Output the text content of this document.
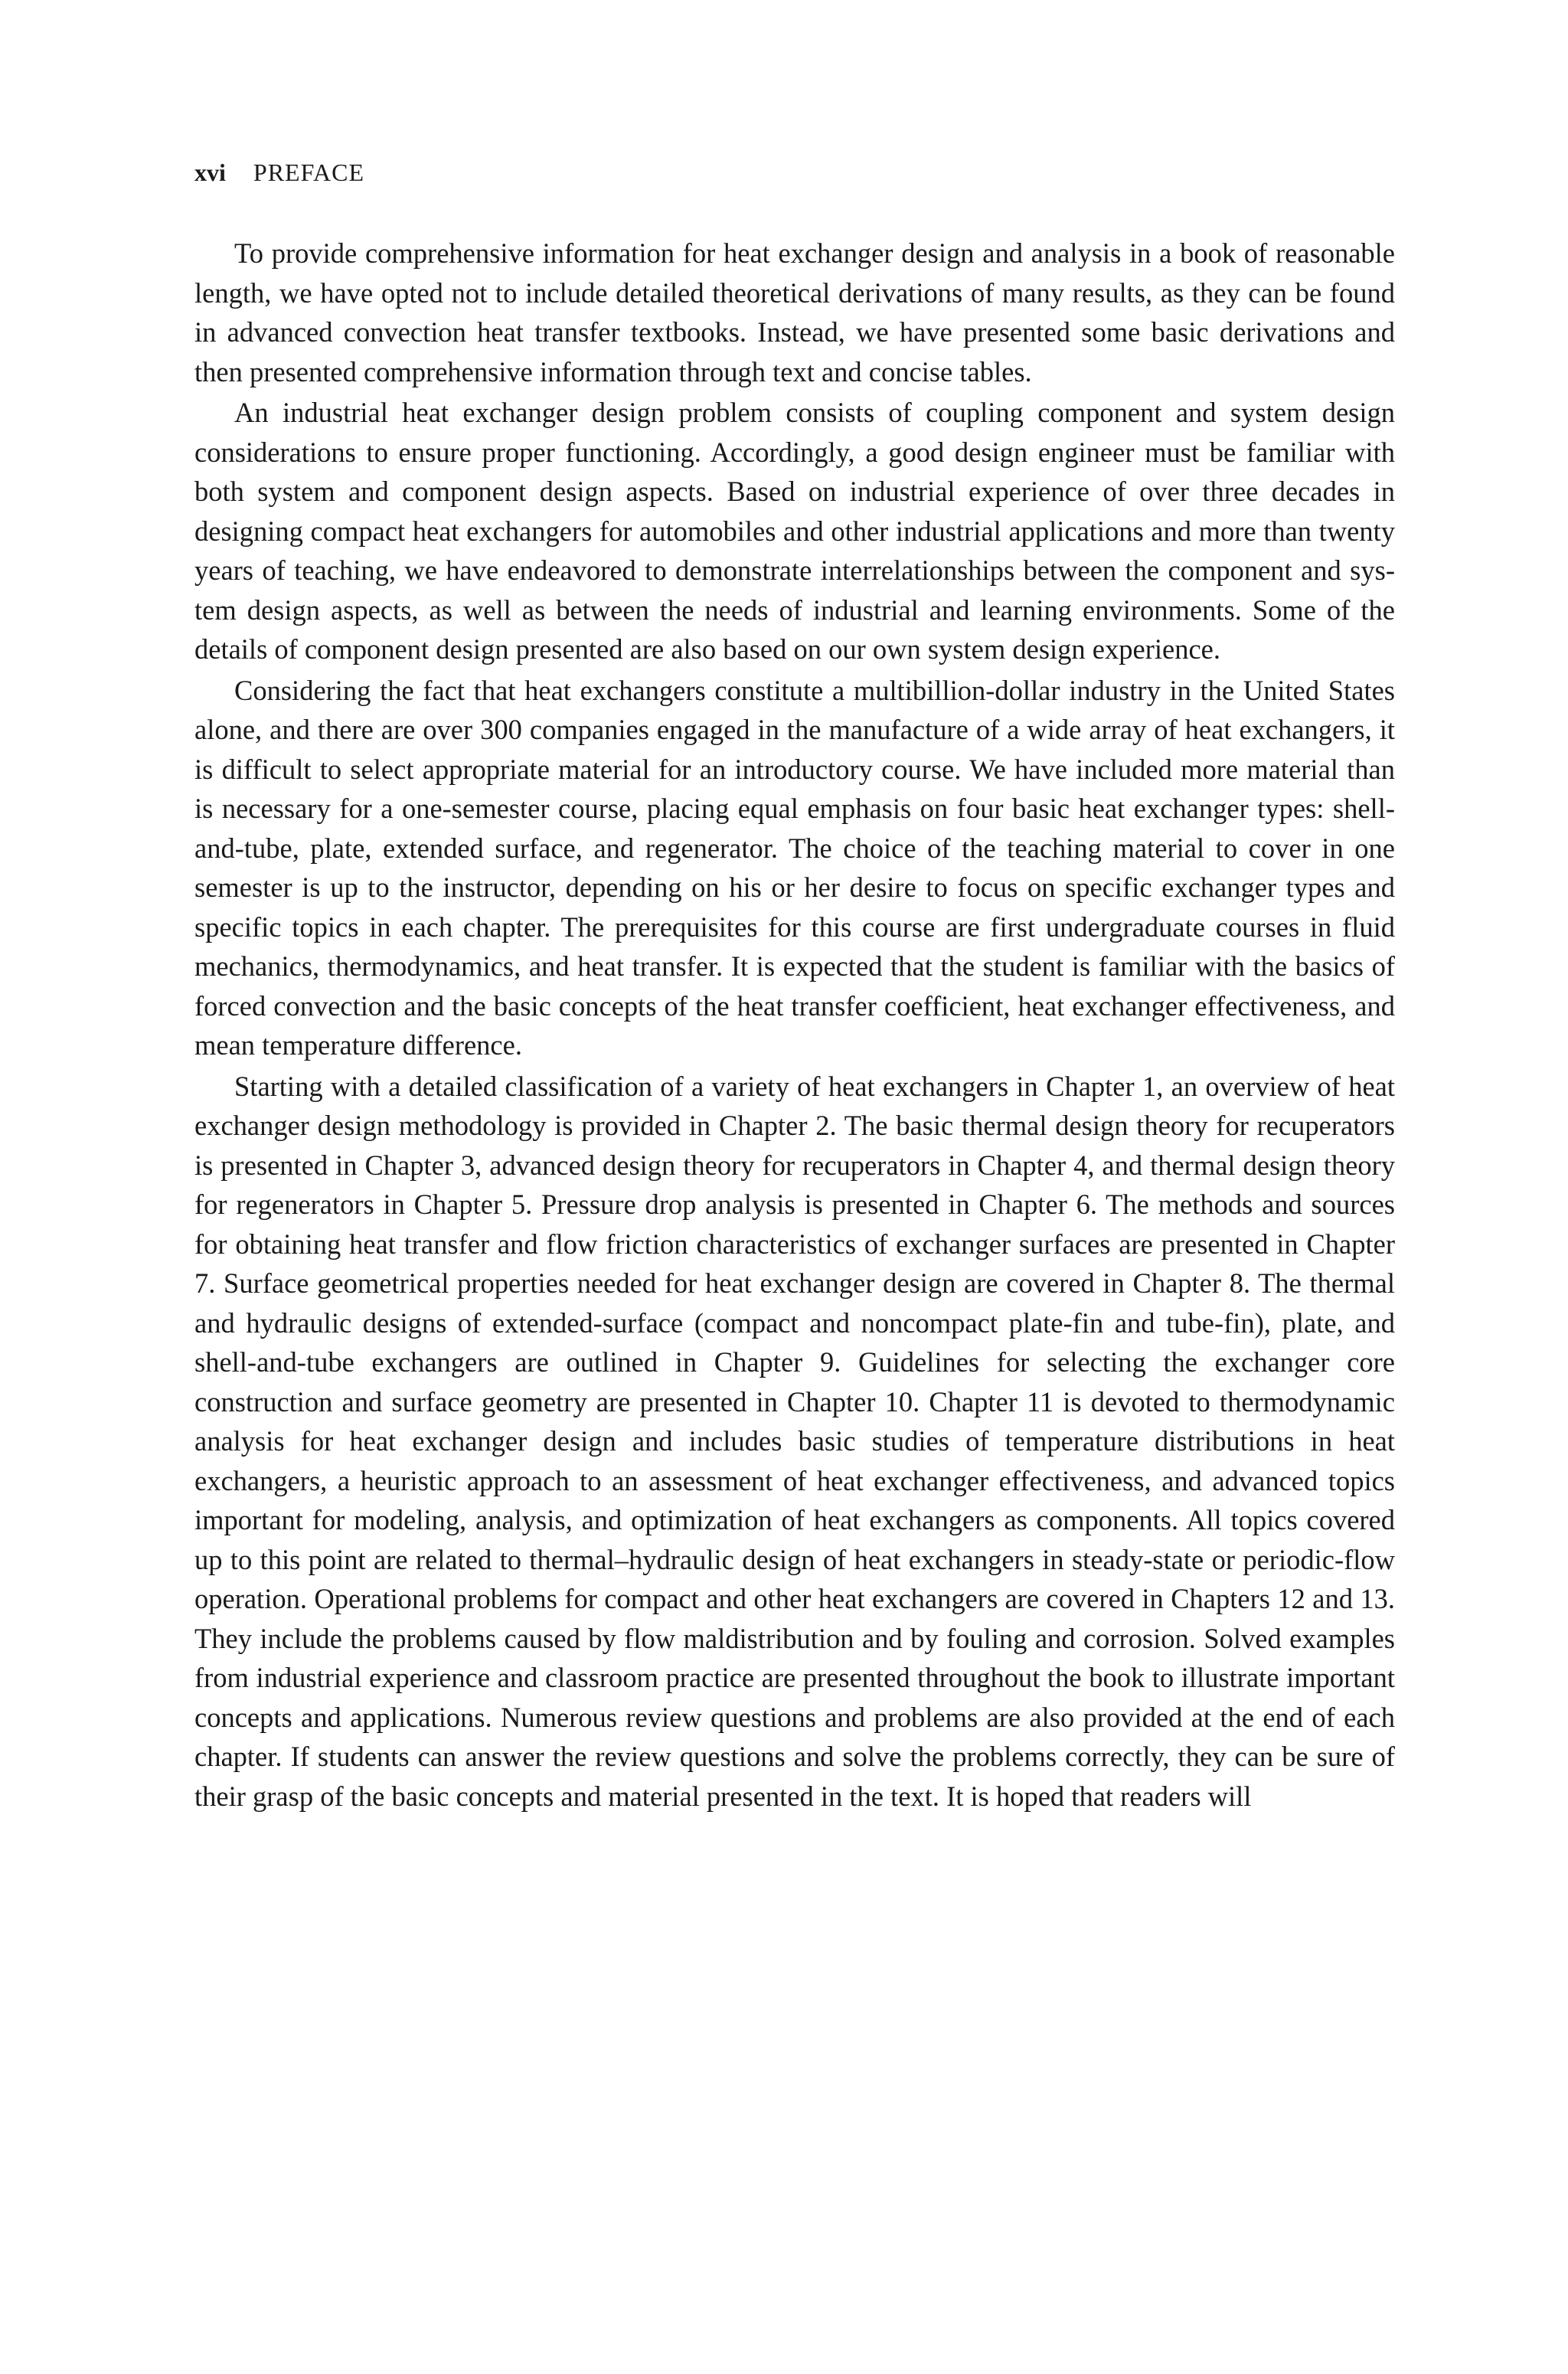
xvi PREFACE

To provide comprehensive information for heat exchanger design and analysis in a book of reasonable length, we have opted not to include detailed theoretical derivations of many results, as they can be found in advanced convection heat transfer textbooks. Instead, we have presented some basic derivations and then presented comprehensive information through text and concise tables.

An industrial heat exchanger design problem consists of coupling component and system design considerations to ensure proper functioning. Accordingly, a good design engineer must be familiar with both system and component design aspects. Based on industrial experience of over three decades in designing compact heat exchangers for automobiles and other industrial applications and more than twenty years of teaching, we have endeavored to demonstrate interrelationships between the component and system design aspects, as well as between the needs of industrial and learning environments. Some of the details of component design presented are also based on our own system design experience.

Considering the fact that heat exchangers constitute a multibillion-dollar industry in the United States alone, and there are over 300 companies engaged in the manufacture of a wide array of heat exchangers, it is difficult to select appropriate material for an introductory course. We have included more material than is necessary for a one-semester course, placing equal emphasis on four basic heat exchanger types: shell-and-tube, plate, extended surface, and regenerator. The choice of the teaching material to cover in one semester is up to the instructor, depending on his or her desire to focus on specific exchanger types and specific topics in each chapter. The prerequisites for this course are first undergraduate courses in fluid mechanics, thermodynamics, and heat transfer. It is expected that the student is familiar with the basics of forced convection and the basic concepts of the heat transfer coefficient, heat exchanger effectiveness, and mean temperature difference.

Starting with a detailed classification of a variety of heat exchangers in Chapter 1, an overview of heat exchanger design methodology is provided in Chapter 2. The basic thermal design theory for recuperators is presented in Chapter 3, advanced design theory for recuperators in Chapter 4, and thermal design theory for regenerators in Chapter 5. Pressure drop analysis is presented in Chapter 6. The methods and sources for obtaining heat transfer and flow friction characteristics of exchanger surfaces are presented in Chapter 7. Surface geometrical properties needed for heat exchanger design are covered in Chapter 8. The thermal and hydraulic designs of extended-surface (compact and noncompact plate-fin and tube-fin), plate, and shell-and-tube exchangers are outlined in Chapter 9. Guidelines for selecting the exchanger core construction and surface geometry are presented in Chapter 10. Chapter 11 is devoted to thermodynamic analysis for heat exchanger design and includes basic studies of temperature distributions in heat exchangers, a heuristic approach to an assessment of heat exchanger effectiveness, and advanced topics important for modeling, analysis, and optimization of heat exchangers as components. All topics covered up to this point are related to thermal–hydraulic design of heat exchangers in steady-state or periodic-flow operation. Operational problems for compact and other heat exchangers are covered in Chapters 12 and 13. They include the problems caused by flow maldistribution and by fouling and corrosion. Solved examples from industrial experience and classroom practice are presented throughout the book to illustrate important concepts and applications. Numerous review questions and problems are also provided at the end of each chapter. If students can answer the review questions and solve the problems correctly, they can be sure of their grasp of the basic concepts and material presented in the text. It is hoped that readers will
